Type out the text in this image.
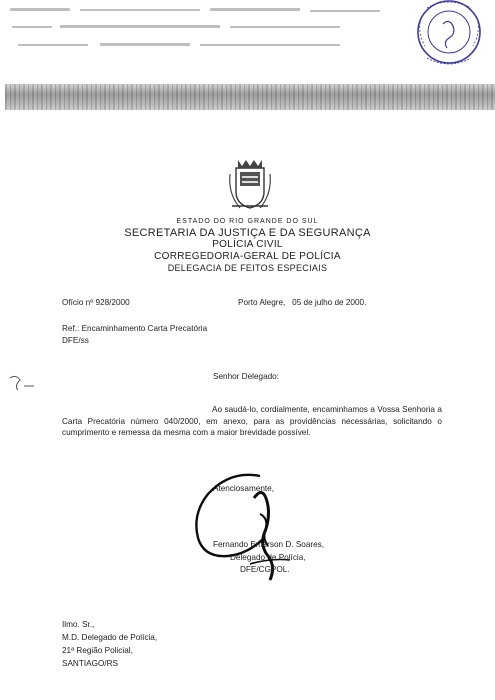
ESTADO DO RIO GRANDE DO SUL
SECRETARIA DA JUSTIÇA E DA SEGURANÇA
POLÍCIA CIVIL
CORREGEDORIA-GERAL DE POLÍCIA
DELEGACIA DE FEITOS ESPECIAIS
Ofício nº 928/2000	Porto Alegre,   05 de julho de 2000.
Ref.: Encaminhamento Carta Precatória
DFE/ss
Senhor Delegado:
Ao saudá-lo, cordialmente, encaminhamos a Vossa Senhoria a Carta Precatória número 040/2000, em anexo, para as providências necessárias, solicitando o cumprimento e remessa da mesma com a maior brevidade possível.
Atenciosamente,
Fernando Emerson D. Soares,
Delegado de Polícia,
DFE/CGPOL.
Ilmo. Sr.,
M.D. Delegado de Polícia,
21ª Região Policial,
SANTIAGO/RS
